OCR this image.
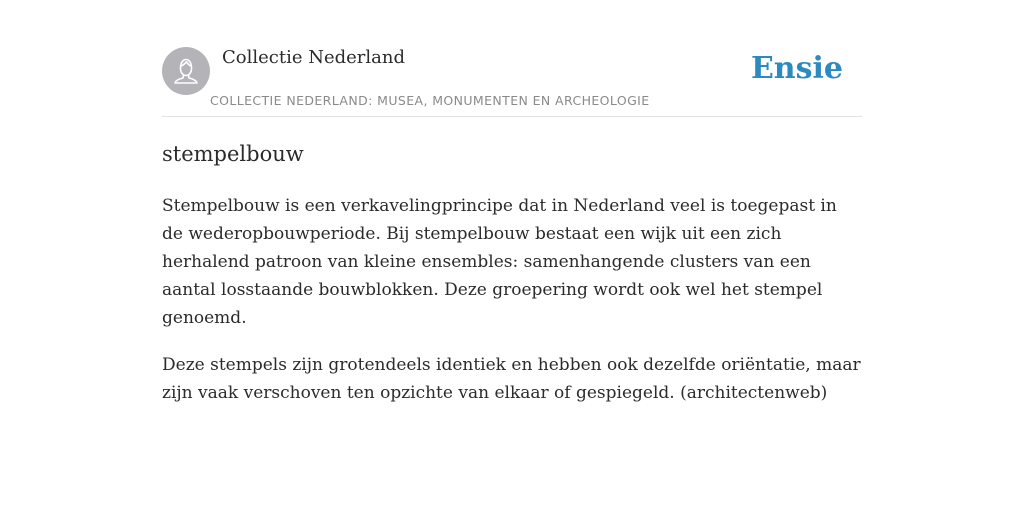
Collectie Nederland
COLLECTIE NEDERLAND: MUSEA, MONUMENTEN EN ARCHEOLOGIE
Ensie
stempelbouw

Stempelbouw is een verkavelingprincipe dat in Nederland veel is toegepast in de wederopbouwperiode. Bij stempelbouw bestaat een wijk uit een zich herhalend patroon van kleine ensembles: samenhangende clusters van een aantal losstaande bouwblokken. Deze groepering wordt ook wel het stempel genoemd.

Deze stempels zijn grotendeels identiek en hebben ook dezelfde oriëntatie, maar zijn vaak verschoven ten opzichte van elkaar of gespiegeld. (architectenweb)
